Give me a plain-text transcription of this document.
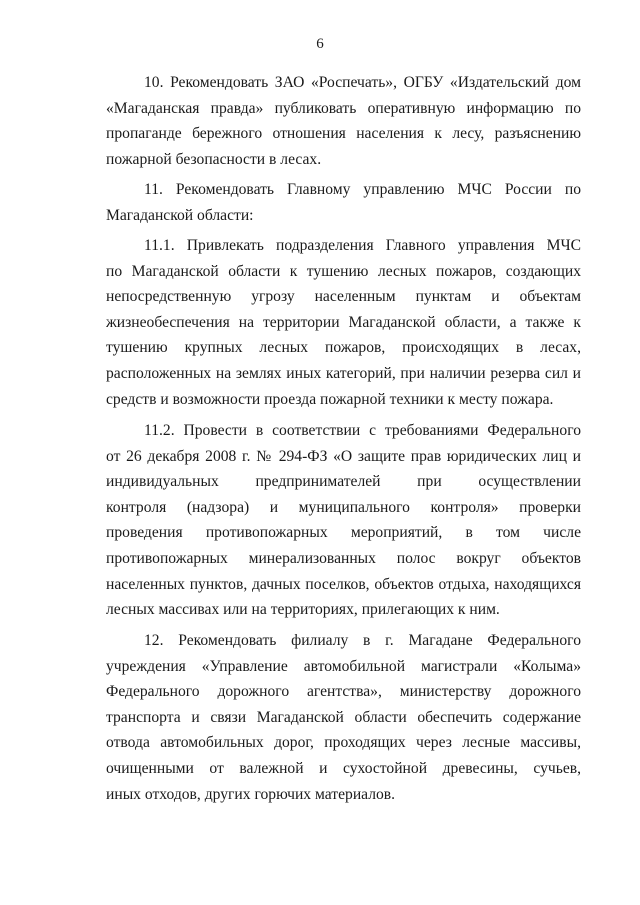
6
10. Рекомендовать ЗАО «Роспечать», ОГБУ «Издательский дом
«Магаданская правда» публиковать оперативную информацию по
пропаганде бережного отношения населения к лесу, разъяснению
пожарной безопасности в лесах.
11. Рекомендовать Главному управлению МЧС России по
Магаданской области:
11.1. Привлекать подразделения Главного управления МЧС
по Магаданской области к тушению лесных пожаров, создающих
непосредственную угрозу населенным пунктам и объектам
жизнеобеспечения на территории Магаданской области, а также к
тушению крупных лесных пожаров, происходящих в лесах,
расположенных на землях иных категорий, при наличии резерва сил и
средств и возможности проезда пожарной техники к месту пожара.
11.2. Провести в соответствии с требованиями Федерального
от 26 декабря 2008 г. № 294-ФЗ «О защите прав юридических лиц и
индивидуальных предпринимателей при осуществлении
контроля (надзора) и муниципального контроля» проверки
проведения противопожарных мероприятий, в том числе
противопожарных минерализованных полос вокруг объектов
населенных пунктов, дачных поселков, объектов отдыха, находящихся
лесных массивах или на территориях, прилегающих к ним.
12. Рекомендовать филиалу в г. Магадане Федерального
учреждения «Управление автомобильной магистрали «Колыма»
Федерального дорожного агентства», министерству дорожного
транспорта и связи Магаданской области обеспечить содержание
отвода автомобильных дорог, проходящих через лесные массивы,
очищенными от валежной и сухостойной древесины, сучьев,
иных отходов, других горючих материалов.
